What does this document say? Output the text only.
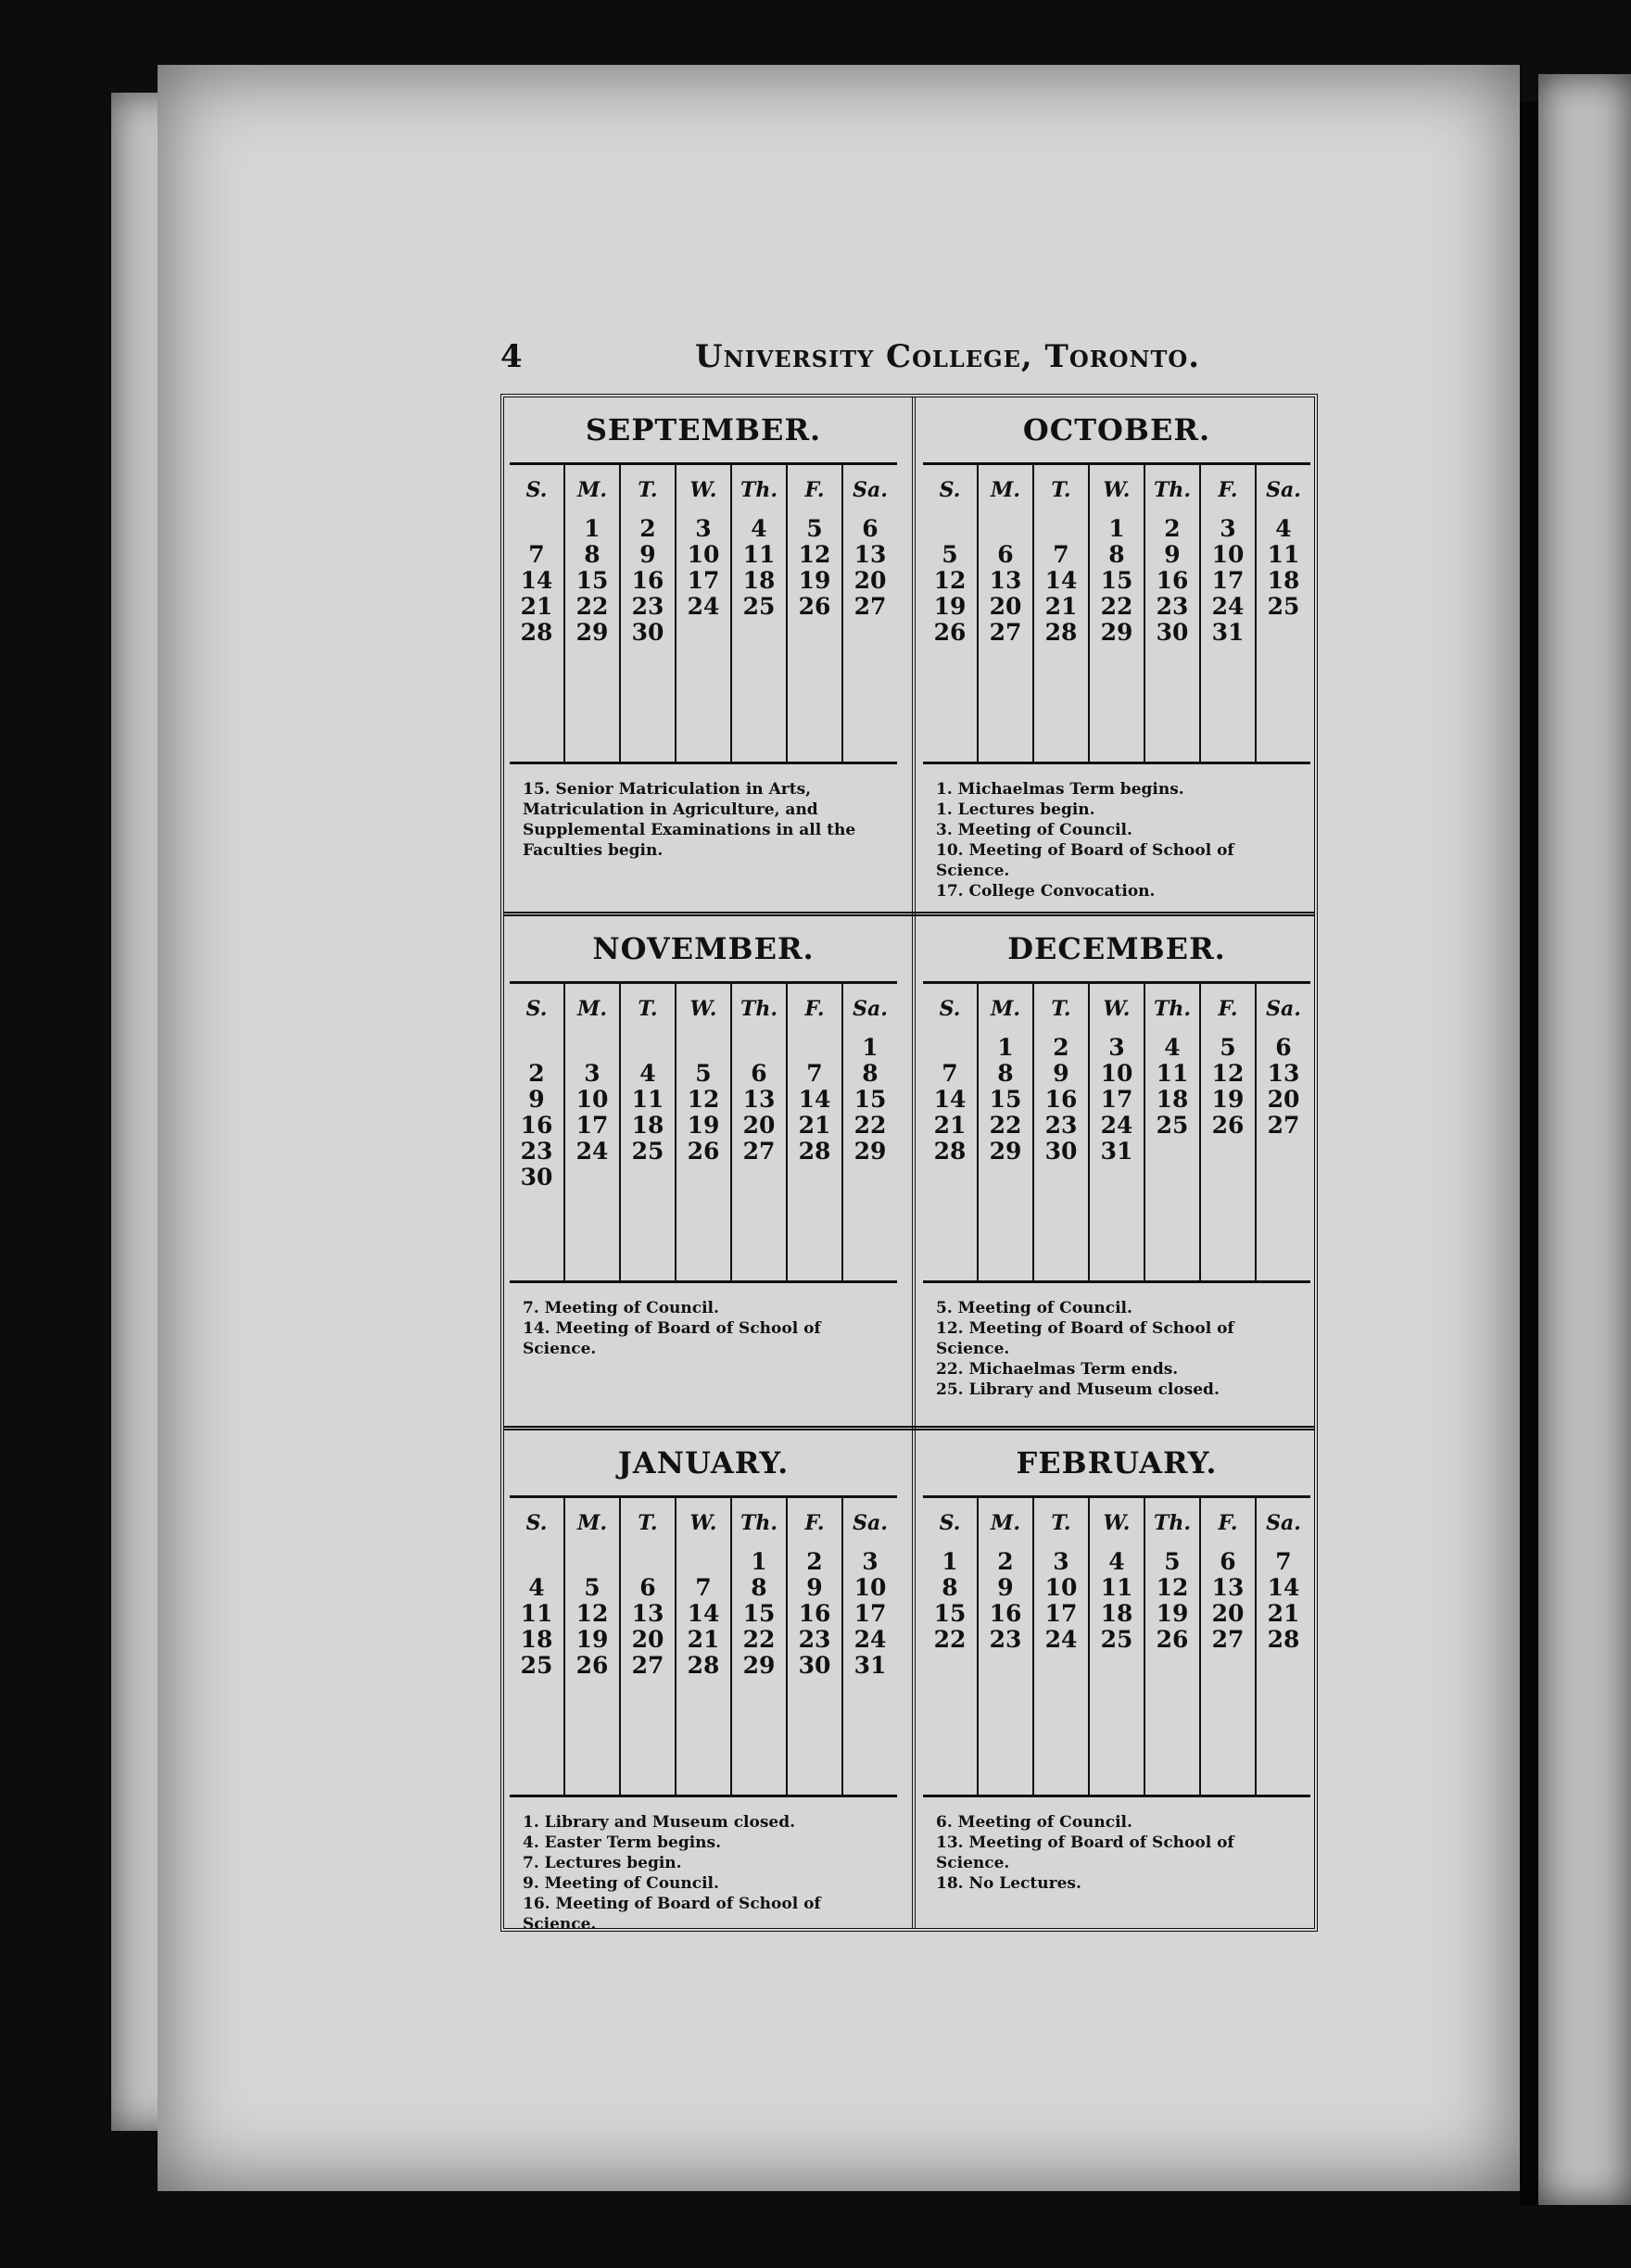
4	University College, Toronto.
SEPTEMBER.
S.
7
14
21
28
M.
1
8
15
22
29
T.
2
9
16
23
30
W.
3
10
17
24
Th.
4
11
18
25
F.
5
12
19
26
Sa.
6
13
20
27
15. Senior Matriculation in Arts, Matriculation in Agriculture, and Supplemental Examinations in all the Faculties begin.
OCTOBER.
S.
5
12
19
26
M.
6
13
20
27
T.
7
14
21
28
W.
1
8
15
22
29
Th.
2
9
16
23
30
F.
3
10
17
24
31
Sa.
4
11
18
25
1. Michaelmas Term begins.
1. Lectures begin.
3. Meeting of Council.
10. Meeting of Board of School of Science.
17. College Convocation.
NOVEMBER.
S.
2
9
16
23
30
M.
3
10
17
24
T.
4
11
18
25
W.
5
12
19
26
Th.
6
13
20
27
F.
7
14
21
28
Sa.
1
8
15
22
29
7. Meeting of Council.
14. Meeting of Board of School of Science.
DECEMBER.
S.
7
14
21
28
M.
1
8
15
22
29
T.
2
9
16
23
30
W.
3
10
17
24
31
Th.
4
11
18
25
F.
5
12
19
26
Sa.
6
13
20
27
5. Meeting of Council.
12. Meeting of Board of School of Science.
22. Michaelmas Term ends.
25. Library and Museum closed.
JANUARY.
S.
4
11
18
25
M.
5
12
19
26
T.
6
13
20
27
W.
7
14
21
28
Th.
1
8
15
22
29
F.
2
9
16
23
30
Sa.
3
10
17
24
31
1. Library and Museum closed.
4. Easter Term begins.
7. Lectures begin.
9. Meeting of Council.
16. Meeting of Board of School of Science.
FEBRUARY.
S.
1
8
15
22
M.
2
9
16
23
T.
3
10
17
24
W.
4
11
18
25
Th.
5
12
19
26
F.
6
13
20
27
Sa.
7
14
21
28
6. Meeting of Council.
13. Meeting of Board of School of Science.
18. No Lectures.
